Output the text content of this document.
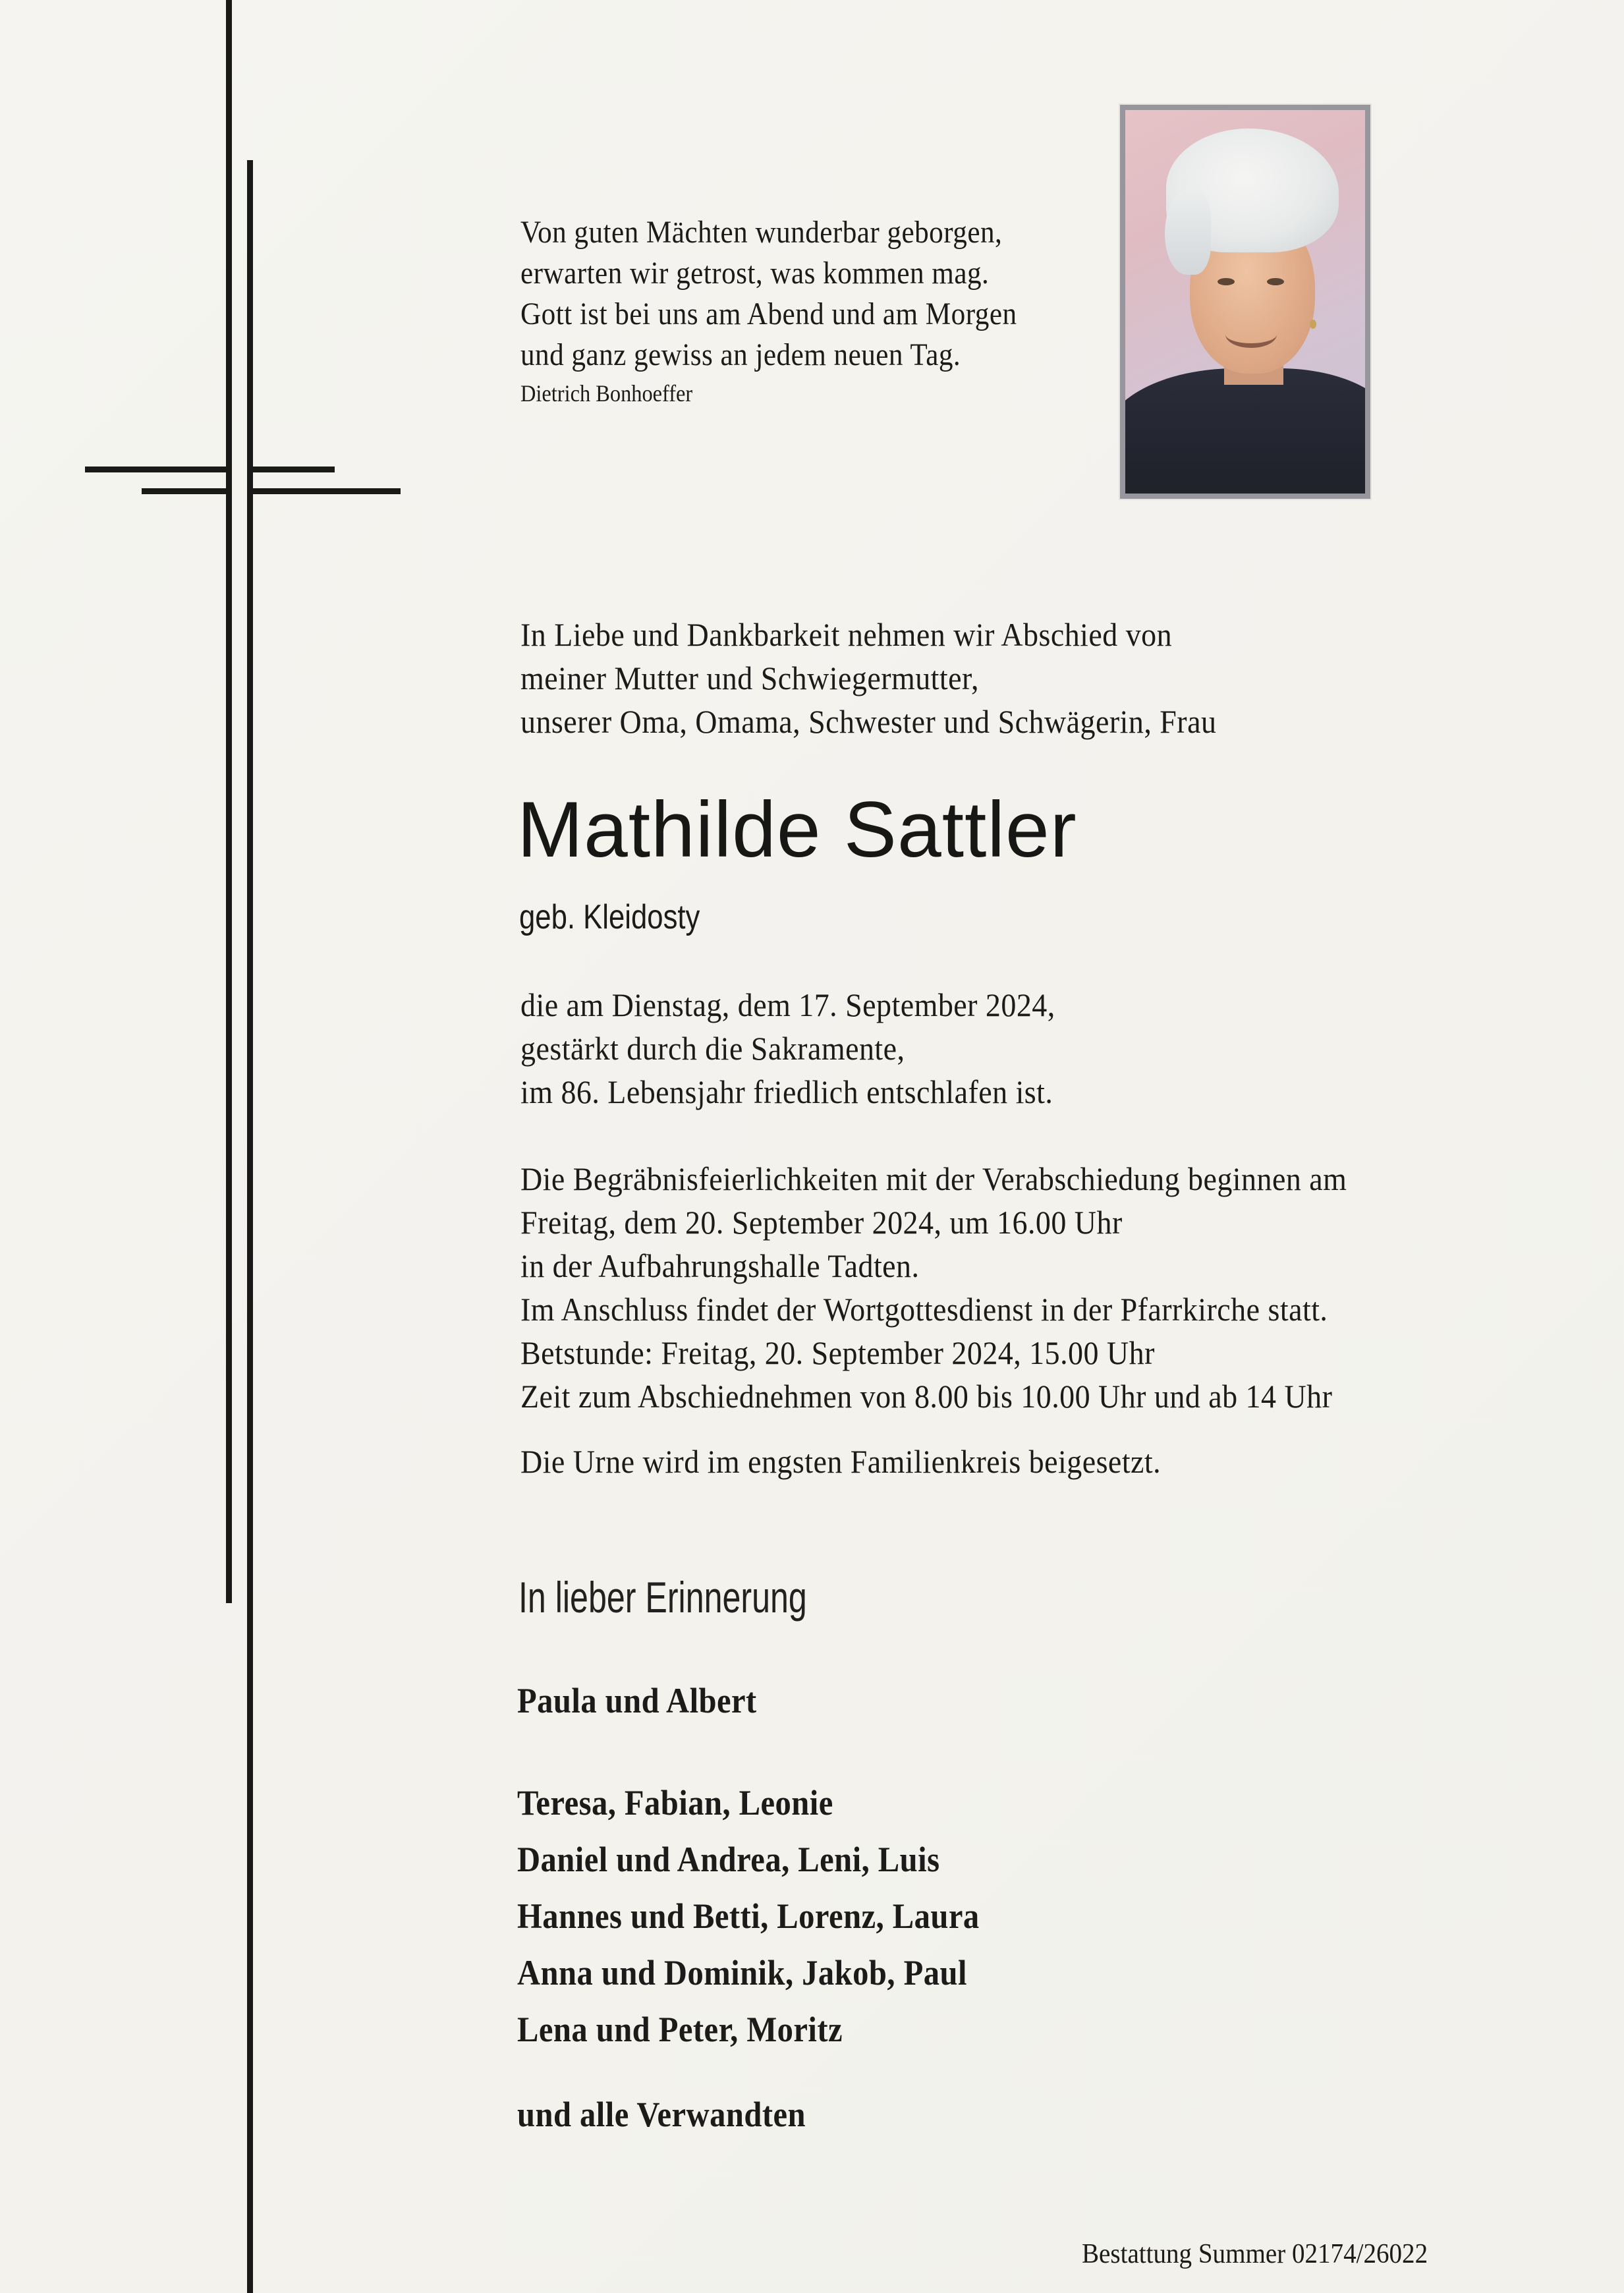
Von guten Mächten wunderbar geborgen,
erwarten wir getrost, was kommen mag.
Gott ist bei uns am Abend und am Morgen
und ganz gewiss an jedem neuen Tag.
Dietrich Bonhoeffer
In Liebe und Dankbarkeit nehmen wir Abschied von
meiner Mutter und Schwiegermutter,
unserer Oma, Omama, Schwester und Schwägerin, Frau
Mathilde Sattler
geb. Kleidosty
die am Dienstag, dem 17. September 2024,
gestärkt durch die Sakramente,
im 86. Lebensjahr friedlich entschlafen ist.
Die Begräbnisfeierlichkeiten mit der Verabschiedung beginnen am
Freitag, dem 20. September 2024, um 16.00 Uhr
in der Aufbahrungshalle Tadten.
Im Anschluss findet der Wortgottesdienst in der Pfarrkirche statt.
Betstunde: Freitag, 20. September 2024, 15.00 Uhr
Zeit zum Abschiednehmen von 8.00 bis 10.00 Uhr und ab 14 Uhr
Die Urne wird im engsten Familienkreis beigesetzt.
In lieber Erinnerung
Paula und Albert
Teresa, Fabian, Leonie
Daniel und Andrea, Leni, Luis
Hannes und Betti, Lorenz, Laura
Anna und Dominik, Jakob, Paul
Lena und Peter, Moritz
und alle Verwandten
Bestattung Summer 02174/26022
